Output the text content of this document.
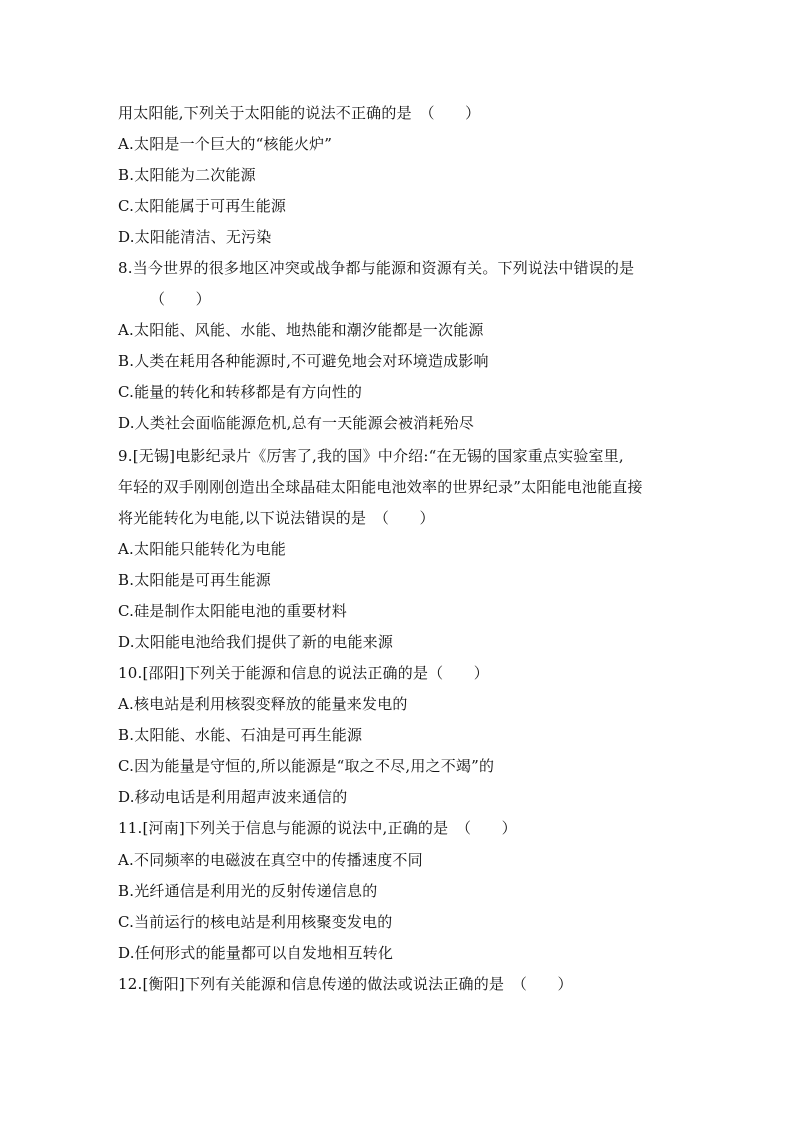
用太阳能,下列关于太阳能的说法不正确的是　（　　）
A.太阳是一个巨大的“核能火炉”
B.太阳能为二次能源
C.太阳能属于可再生能源
D.太阳能清洁、无污染
8.当今世界的很多地区冲突或战争都与能源和资源有关。下列说法中错误的是
（　　）
A.太阳能、风能、水能、地热能和潮汐能都是一次能源
B.人类在耗用各种能源时,不可避免地会对环境造成影响
C.能量的转化和转移都是有方向性的
D.人类社会面临能源危机,总有一天能源会被消耗殆尽
9.[无锡]电影纪录片《厉害了,我的国》中介绍:“在无锡的国家重点实验室里,
年轻的双手刚刚创造出全球晶硅太阳能电池效率的世界纪录”太阳能电池能直接
将光能转化为电能,以下说法错误的是　（　　）
A.太阳能只能转化为电能
B.太阳能是可再生能源
C.硅是制作太阳能电池的重要材料
D.太阳能电池给我们提供了新的电能来源
10.[邵阳]下列关于能源和信息的说法正确的是（　　）
A.核电站是利用核裂变释放的能量来发电的
B.太阳能、水能、石油是可再生能源
C.因为能量是守恒的,所以能源是“取之不尽,用之不竭”的
D.移动电话是利用超声波来通信的
11.[河南]下列关于信息与能源的说法中,正确的是　（　　）
A.不同频率的电磁波在真空中的传播速度不同
B.光纤通信是利用光的反射传递信息的
C.当前运行的核电站是利用核聚变发电的
D.任何形式的能量都可以自发地相互转化
12.[衡阳]下列有关能源和信息传递的做法或说法正确的是　（　　）
